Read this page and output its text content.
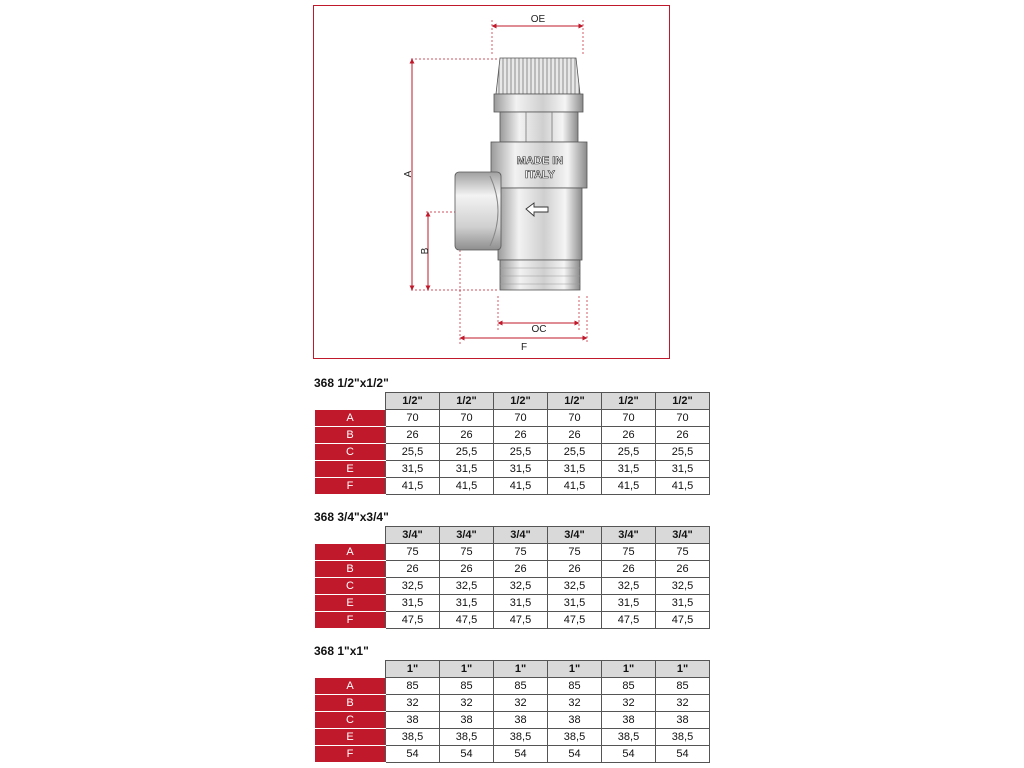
OE
A
B
OC
F
MADE IN
ITALY
368 1/2"x1/2"
	1/2"	1/2"	1/2"	1/2"	1/2"	1/2"
A	70	70	70	70	70	70
B	26	26	26	26	26	26
C	25,5	25,5	25,5	25,5	25,5	25,5
E	31,5	31,5	31,5	31,5	31,5	31,5
F	41,5	41,5	41,5	41,5	41,5	41,5
368 3/4"x3/4"
	3/4"	3/4"	3/4"	3/4"	3/4"	3/4"
A	75	75	75	75	75	75
B	26	26	26	26	26	26
C	32,5	32,5	32,5	32,5	32,5	32,5
E	31,5	31,5	31,5	31,5	31,5	31,5
F	47,5	47,5	47,5	47,5	47,5	47,5
368 1"x1"
	1"	1"	1"	1"	1"	1"
A	85	85	85	85	85	85
B	32	32	32	32	32	32
C	38	38	38	38	38	38
E	38,5	38,5	38,5	38,5	38,5	38,5
F	54	54	54	54	54	54
